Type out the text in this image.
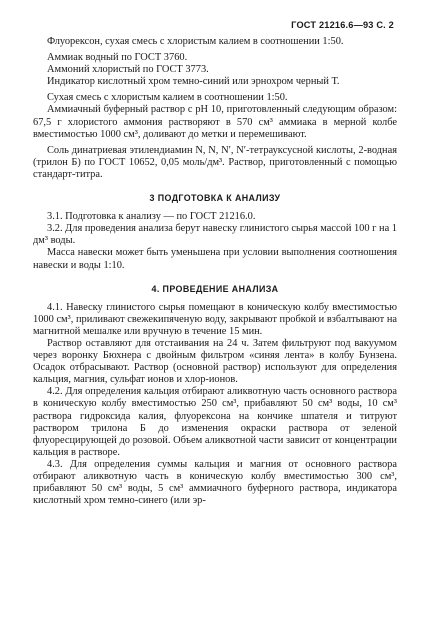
ГОСТ 21216.6—93 С. 2

Флуорексон, сухая смесь с хлористым калием в соотношении 1:50.

Аммиак водный по ГОСТ 3760.

Аммоний хлористый по ГОСТ 3773.

Индикатор кислотный хром темно-синий или эрнохром черный Т.

Сухая смесь с хлористым калием в соотношении 1:50.

Аммиачный буферный раствор с рН 10, приготовленный следующим образом: 67,5 г хлористого аммония растворяют в 570 см³ аммиака в мерной колбе вместимостью 1000 см³, доливают до метки и перемешивают.

Соль динатриевая этилендиамин N, N, N′, N′-тетрауксусной кислоты, 2-водная (трилон Б) по ГОСТ 10652, 0,05 моль/дм³. Раствор, приготовленный с помощью стандарт-титра.

3 ПОДГОТОВКА К АНАЛИЗУ

3.1. Подготовка к анализу — по ГОСТ 21216.0.

3.2. Для проведения анализа берут навеску глинистого сырья массой 100 г на 1 дм³ воды.

Масса навески может быть уменьшена при условии выполнения соотношения навески и воды 1:10.

4. ПРОВЕДЕНИЕ АНАЛИЗА

4.1. Навеску глинистого сырья помещают в коническую колбу вместимостью 1000 см³, приливают свежекипяченую воду, закрывают пробкой и взбалтывают на магнитной мешалке или вручную в течение 15 мин.

Раствор оставляют для отстаивания на 24 ч. Затем фильтруют под вакуумом через воронку Бюхнера с двойным фильтром «синяя лента» в колбу Бунзена. Осадок отбрасывают. Раствор (основной раствор) используют для определения кальция, магния, сульфат ионов и хлор-ионов.

4.2. Для определения кальция отбирают аликвотную часть основного раствора в коническую колбу вместимостью 250 см³, прибавляют 50 см³ воды, 10 см³ раствора гидроксида калия, флуорексона на кончике шпателя и титруют раствором трилона Б до изменения окраски раствора от зеленой флуоресцирующей до розовой. Объем аликвотной части зависит от концентрации кальция в растворе.

4.3. Для определения суммы кальция и магния от основного раствора отбирают аликвотную часть в коническую колбу вместимостью 300 см³, прибавляют 50 см³ воды, 5 см³ аммиачного буферного раствора, индикатора кислотный хром темно-синего (или эр-
